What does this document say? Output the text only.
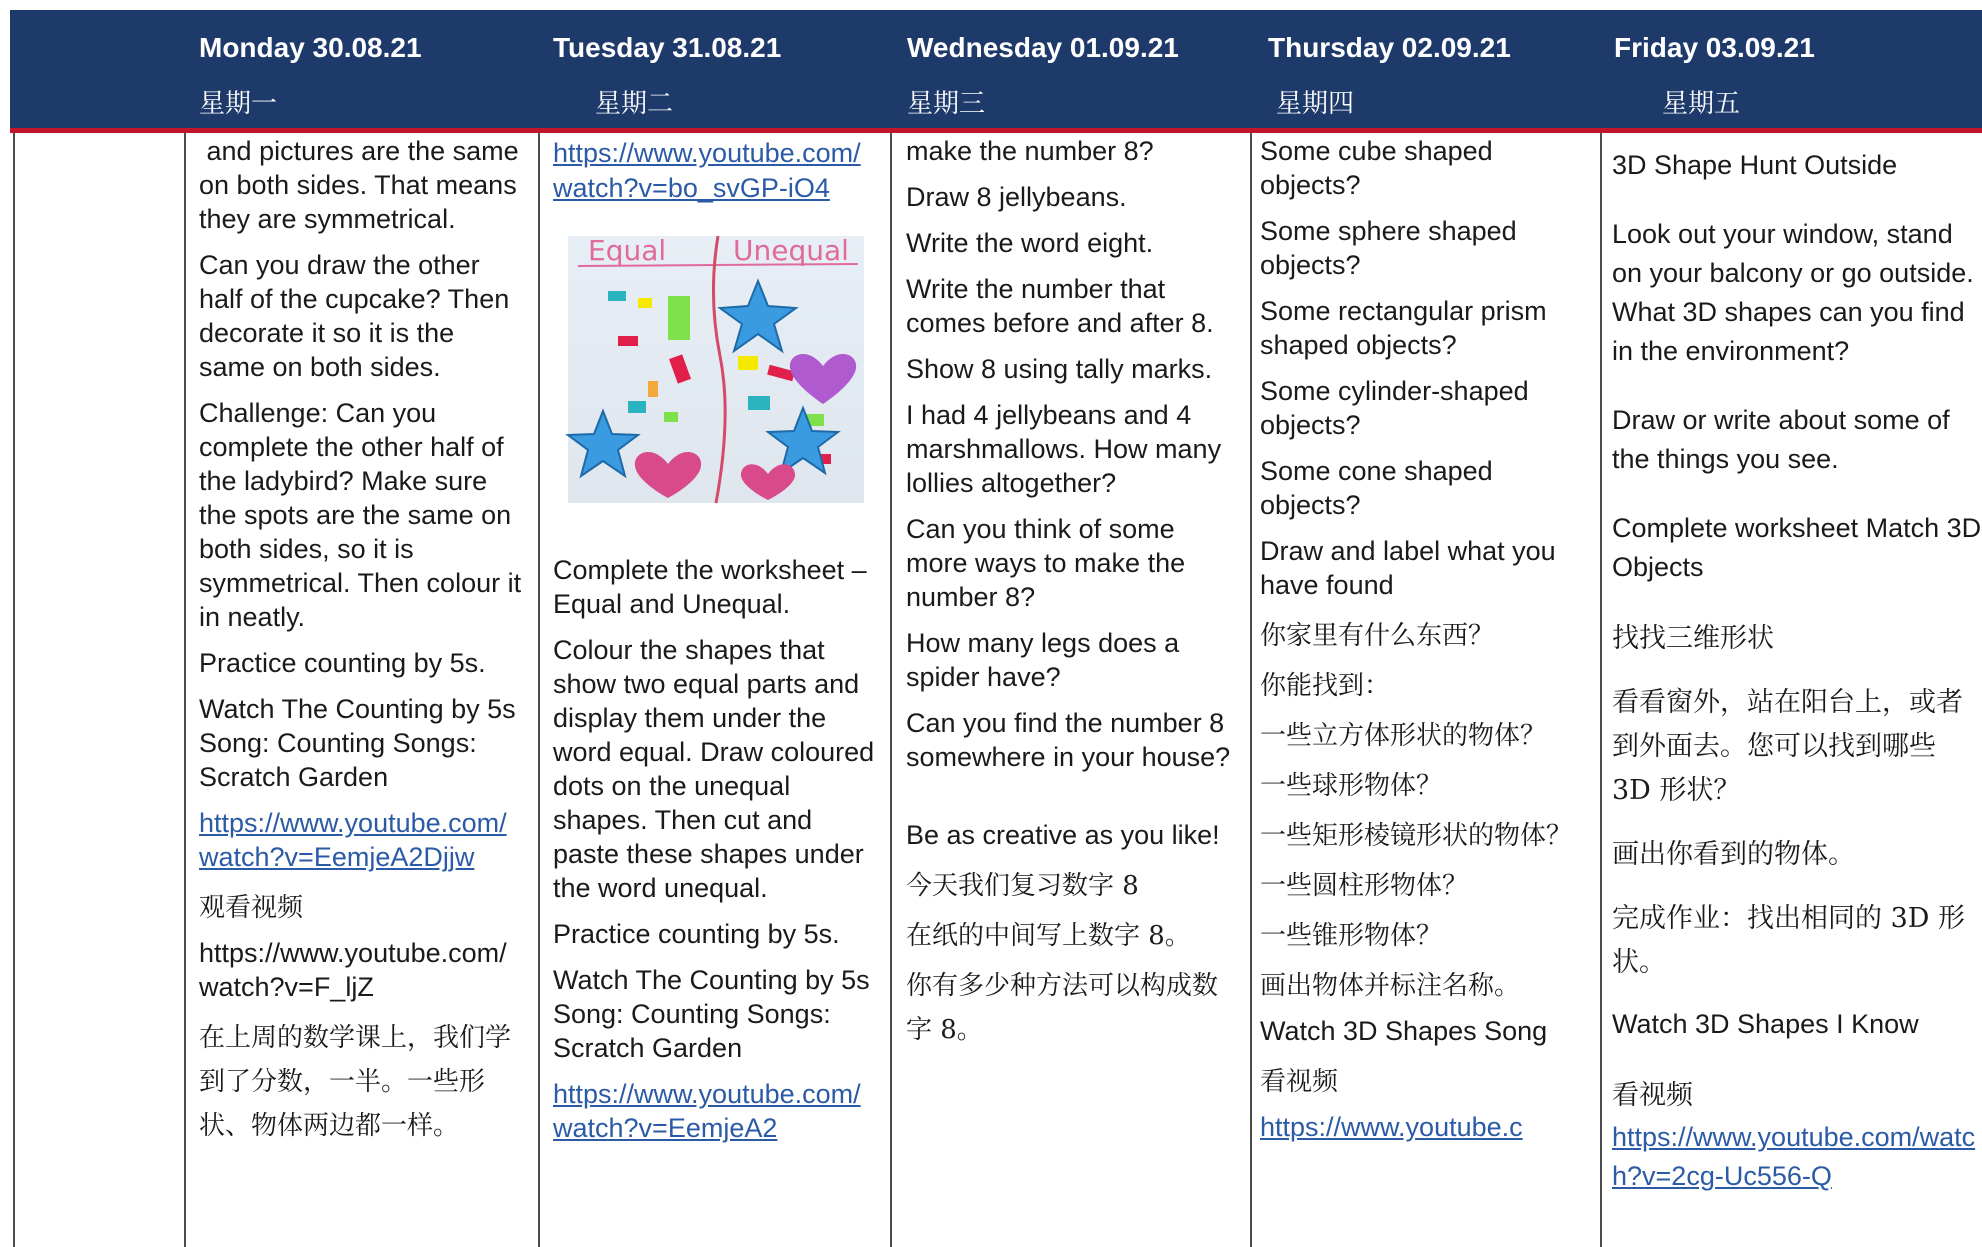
Monday 30.08.21
星期一
Tuesday 31.08.21
星期二
Wednesday 01.09.21
星期三
Thursday 02.09.21
星期四
Friday 03.09.21
星期五
and pictures are the same on both sides. That means they are symmetrical.
Can you draw the other half of the cupcake? Then decorate it so it is the same on both sides.
Challenge: Can you complete the other half of the ladybird? Make sure the spots are the same on both sides, so it is symmetrical. Then colour it in neatly.
Practice counting by 5s.
Watch The Counting by 5s Song: Counting Songs: Scratch Garden
https://www.youtube.com/watch?v=EemjeA2Djjw
观看视频
https://www.youtube.com/watch?v=F_ljZ
在上周的数学课上，我们学到了分数，一半。一些形状、物体两边都一样。
https://www.youtube.com/watch?v=bo_svGP-iO4
Equal Unequal
Complete the worksheet – Equal and Unequal.
Colour the shapes that show two equal parts and display them under the word equal. Draw coloured dots on the unequal shapes. Then cut and paste these shapes under the word unequal.
Practice counting by 5s.
Watch The Counting by 5s Song: Counting Songs: Scratch Garden
https://www.youtube.com/watch?v=EemjeA2
make the number 8?
Draw 8 jellybeans.
Write the word eight.
Write the number that comes before and after 8.
Show 8 using tally marks.
I had 4 jellybeans and 4 marshmallows. How many lollies altogether?
Can you think of some more ways to make the number 8?
How many legs does a spider have?
Can you find the number 8 somewhere in your house?
Be as creative as you like!
今天我们复习数字 8
在纸的中间写上数字 8。
你有多少种方法可以构成数字 8。
Some cube shaped objects?
Some sphere shaped objects?
Some rectangular prism shaped objects?
Some cylinder-shaped objects?
Some cone shaped objects?
Draw and label what you have found
你家里有什么东西？
你能找到：
一些立方体形状的物体？
一些球形物体？
一些矩形棱镜形状的物体？
一些圆柱形物体？
一些锥形物体？
画出物体并标注名称。
Watch 3D Shapes Song
看视频
https://www.youtube.c
3D Shape Hunt Outside
Look out your window, stand on your balcony or go outside. What 3D shapes can you find in the environment?
Draw or write about some of the things you see.
Complete worksheet Match 3D Objects
找找三维形状
看看窗外，站在阳台上，或者到外面去。您可以找到哪些 3D 形状？
画出你看到的物体。
完成作业：找出相同的 3D 形状。
Watch 3D Shapes I Know
看视频
https://www.youtube.com/watch?v=2cg-Uc556-Q
